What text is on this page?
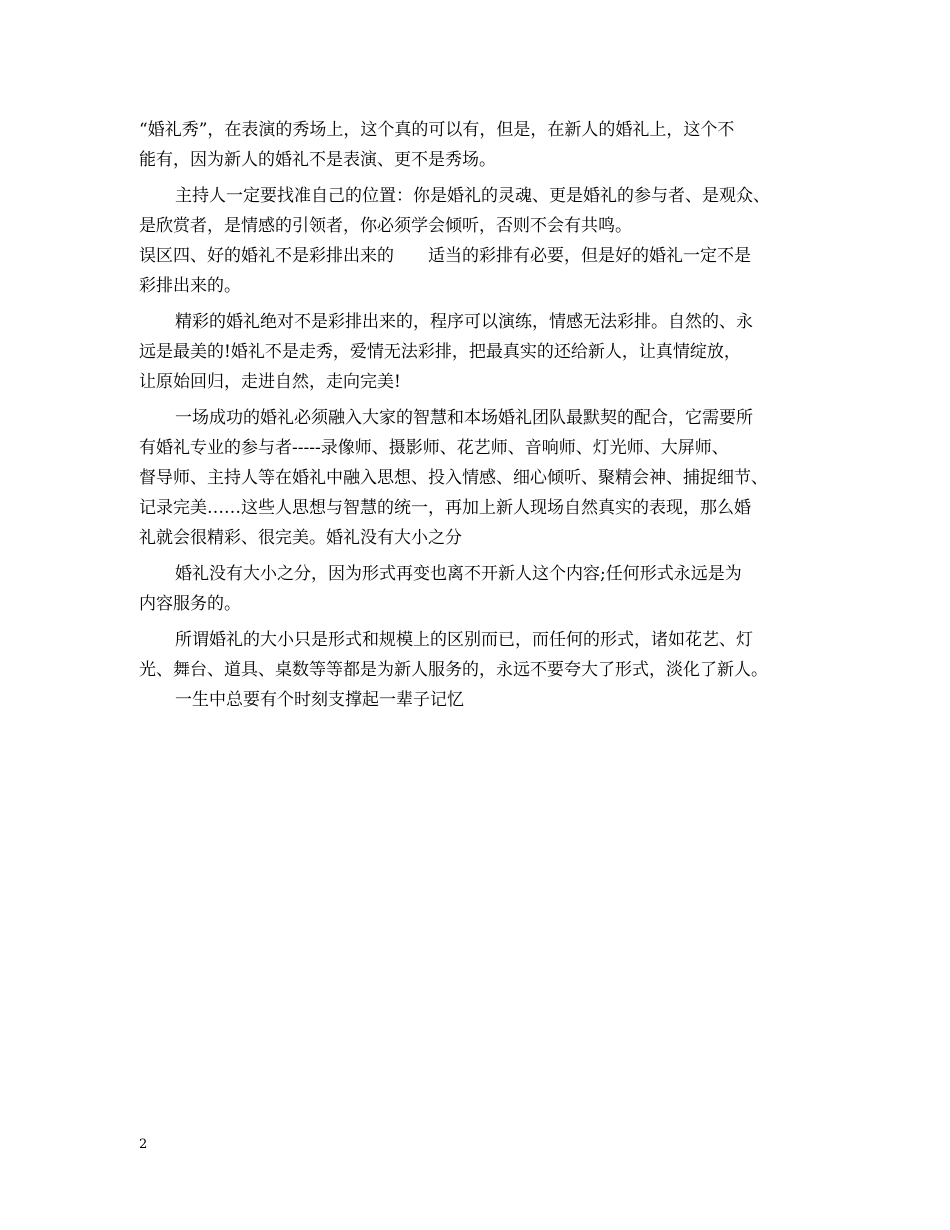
“婚礼秀”，在表演的秀场上，这个真的可以有，但是，在新人的婚礼上，这个不

能有，因为新人的婚礼不是表演、更不是秀场。

主持人一定要找准自己的位置：你是婚礼的灵魂、更是婚礼的参与者、是观众、

是欣赏者，是情感的引领者，你必须学会倾听，否则不会有共鸣。

误区四、好的婚礼不是彩排出来的　　适当的彩排有必要，但是好的婚礼一定不是

彩排出来的。

精彩的婚礼绝对不是彩排出来的，程序可以演练，情感无法彩排。自然的、永

远是最美的!婚礼不是走秀，爱情无法彩排，把最真实的还给新人，让真情绽放，

让原始回归，走进自然，走向完美!

一场成功的婚礼必须融入大家的智慧和本场婚礼团队最默契的配合，它需要所

有婚礼专业的参与者-----录像师、摄影师、花艺师、音响师、灯光师、大屏师、

督导师、主持人等在婚礼中融入思想、投入情感、细心倾听、聚精会神、捕捉细节、

记录完美……这些人思想与智慧的统一，再加上新人现场自然真实的表现，那么婚

礼就会很精彩、很完美。婚礼没有大小之分

婚礼没有大小之分，因为形式再变也离不开新人这个内容;任何形式永远是为

内容服务的。

所谓婚礼的大小只是形式和规模上的区别而已，而任何的形式，诸如花艺、灯

光、舞台、道具、桌数等等都是为新人服务的，永远不要夸大了形式，淡化了新人。

一生中总要有个时刻支撑起一辈子记忆

2
